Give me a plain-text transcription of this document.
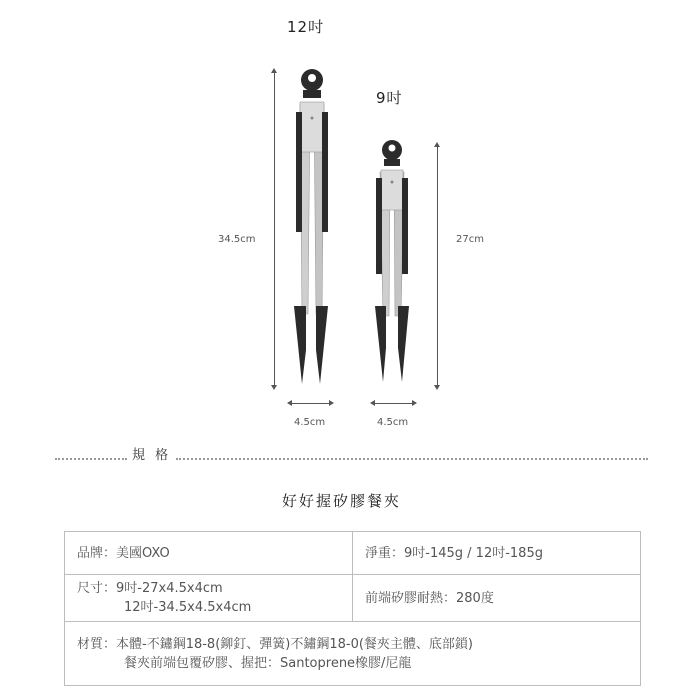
12吋
9吋
34.5cm	27cm
4.5cm	4.5cm
規 格
好好握矽膠餐夾
品牌：美國OXO	淨重：9吋-145g / 12吋-185g

尺寸：9吋-27x4.5x4cm
12吋-34.5x4.5x4cm	前端矽膠耐熱：280度

材質：本體-不鏽鋼18-8(鉚釘、彈簧)不鏽鋼18-0(餐夾主體、底部鎖)
餐夾前端包覆矽膠、握把：Santoprene橡膠/尼龍	
